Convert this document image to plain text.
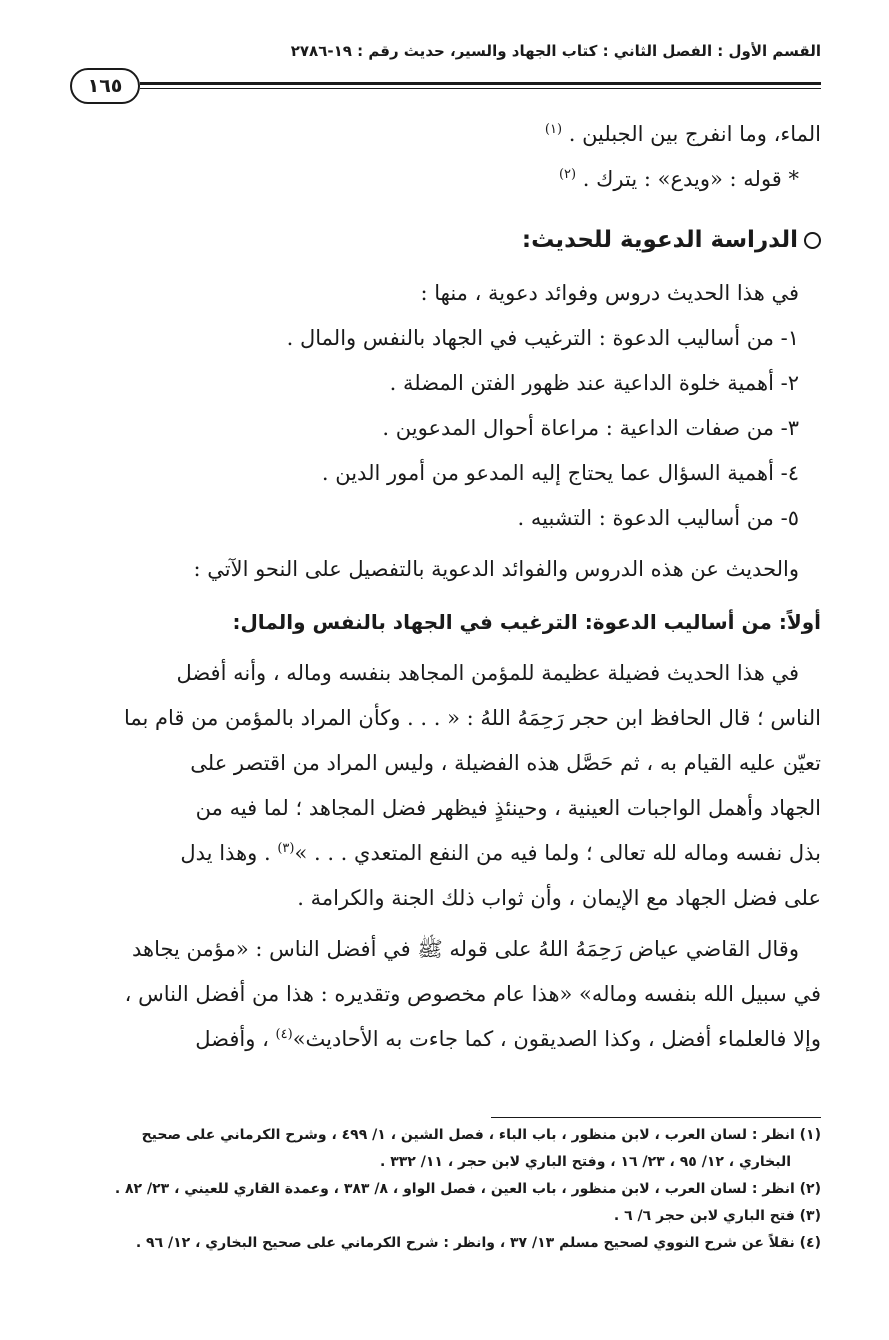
القسم الأول : الفصل الثاني : كتاب الجهاد والسير، حديث رقم : ١٩-٢٧٨٦
١٦٥

الماء، وما انفرج بين الجبلين . $^{(١)}$

* قوله : «ويدع» : يترك . $^{(٢)}$

الدراسة الدعوية للحديث:

في هذا الحديث دروس وفوائد دعوية ، منها :

١- من أساليب الدعوة : الترغيب في الجهاد بالنفس والمال .

٢- أهمية خلوة الداعية عند ظهور الفتن المضلة .

٣- من صفات الداعية : مراعاة أحوال المدعوين .

٤- أهمية السؤال عما يحتاج إليه المدعو من أمور الدين .

٥- من أساليب الدعوة : التشبيه .

والحديث عن هذه الدروس والفوائد الدعوية بالتفصيل على النحو الآتي :

أولاً: من أساليب الدعوة: الترغيب في الجهاد بالنفس والمال:

في هذا الحديث فضيلة عظيمة للمؤمن المجاهد بنفسه وماله ، وأنه أفضل
الناس ؛ قال الحافظ ابن حجر رَحِمَهُ اللهُ : « . . . وكأن المراد بالمؤمن من قام بما
تعيّن عليه القيام به ، ثم حَصَّل هذه الفضيلة ، وليس المراد من اقتصر على
الجهاد وأهمل الواجبات العينية ، وحينئذٍ فيظهر فضل المجاهد ؛ لما فيه من
بذل نفسه وماله لله تعالى ؛ ولما فيه من النفع المتعدي . . . »$^{(٣)}$ . وهذا يدل
على فضل الجهاد مع الإيمان ، وأن ثواب ذلك الجنة والكرامة .

وقال القاضي عياض رَحِمَهُ اللهُ على قوله ﷺ في أفضل الناس : «مؤمن يجاهد
في سبيل الله بنفسه وماله» «هذا عام مخصوص وتقديره : هذا من أفضل الناس ،
وإلا فالعلماء أفضل ، وكذا الصديقون ، كما جاءت به الأحاديث»$^{(٤)}$ ، وأفضل

(١) انظر : لسان العرب ، لابن منظور ، باب الباء ، فصل الشين ، ١/ ٤٩٩ ، وشرح الكرماني على صحيح
البخاري ، ١٢/ ٩٥ ، ٢٣/ ١٦ ، وفتح الباري لابن حجر ، ١١/ ٣٣٢ .
(٢) انظر : لسان العرب ، لابن منظور ، باب العين ، فصل الواو ، ٨/ ٣٨٣ ، وعمدة القاري للعيني ، ٢٣/ ٨٢ .
(٣) فتح الباري لابن حجر ٦/ ٦ .
(٤) نقلاً عن شرح النووي لصحيح مسلم ١٣/ ٣٧ ، وانظر : شرح الكرماني على صحيح البخاري ، ١٢/ ٩٦ .
